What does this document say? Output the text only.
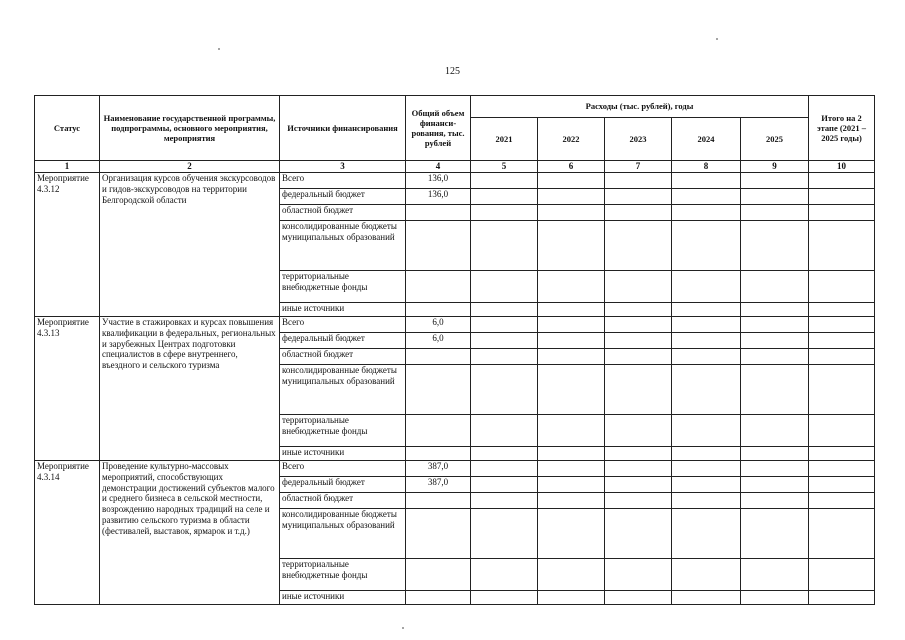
125
Статус	Наименование государственной программы, подпрограммы, основного мероприятия, мероприятия	Источники финансирования	Общий объем финанси-рования, тыс. рублей	Расходы (тыс. рублей), годы					Итого на 2 этапе (2021 – 2025 годы)
				2021	2022	2023	2024	2025	
1	2	3	4	5	6	7	8	9	10
Мероприятие 4.3.12	Организация курсов обучения экскурсоводов и гидов-экскурсоводов на территории Белгородской области	Всего	136,0						
		федеральный бюджет	136,0						
		областной бюджет							
		консолидированные бюджеты муниципальных образований							
		территориальные внебюджетные фонды							
		иные источники							
Мероприятие 4.3.13	Участие в стажировках и курсах повышения квалификации в федеральных, региональных и зарубежных Центрах подготовки специалистов в сфере внутреннего, въездного и сельского туризма	Всего	6,0						
		федеральный бюджет	6,0						
		областной бюджет							
		консолидированные бюджеты муниципальных образований							
		территориальные внебюджетные фонды							
		иные источники							
Мероприятие 4.3.14	Проведение культурно-массовых мероприятий, способствующих демонстрации достижений субъектов малого и среднего бизнеса в сельской местности, возрождению народных традиций на селе и развитию сельского туризма в области (фестивалей, выставок, ярмарок и т.д.)	Всего	387,0						
		федеральный бюджет	387,0						
		областной бюджет							
		консолидированные бюджеты муниципальных образований							
		территориальные внебюджетные фонды							
		иные источники							
